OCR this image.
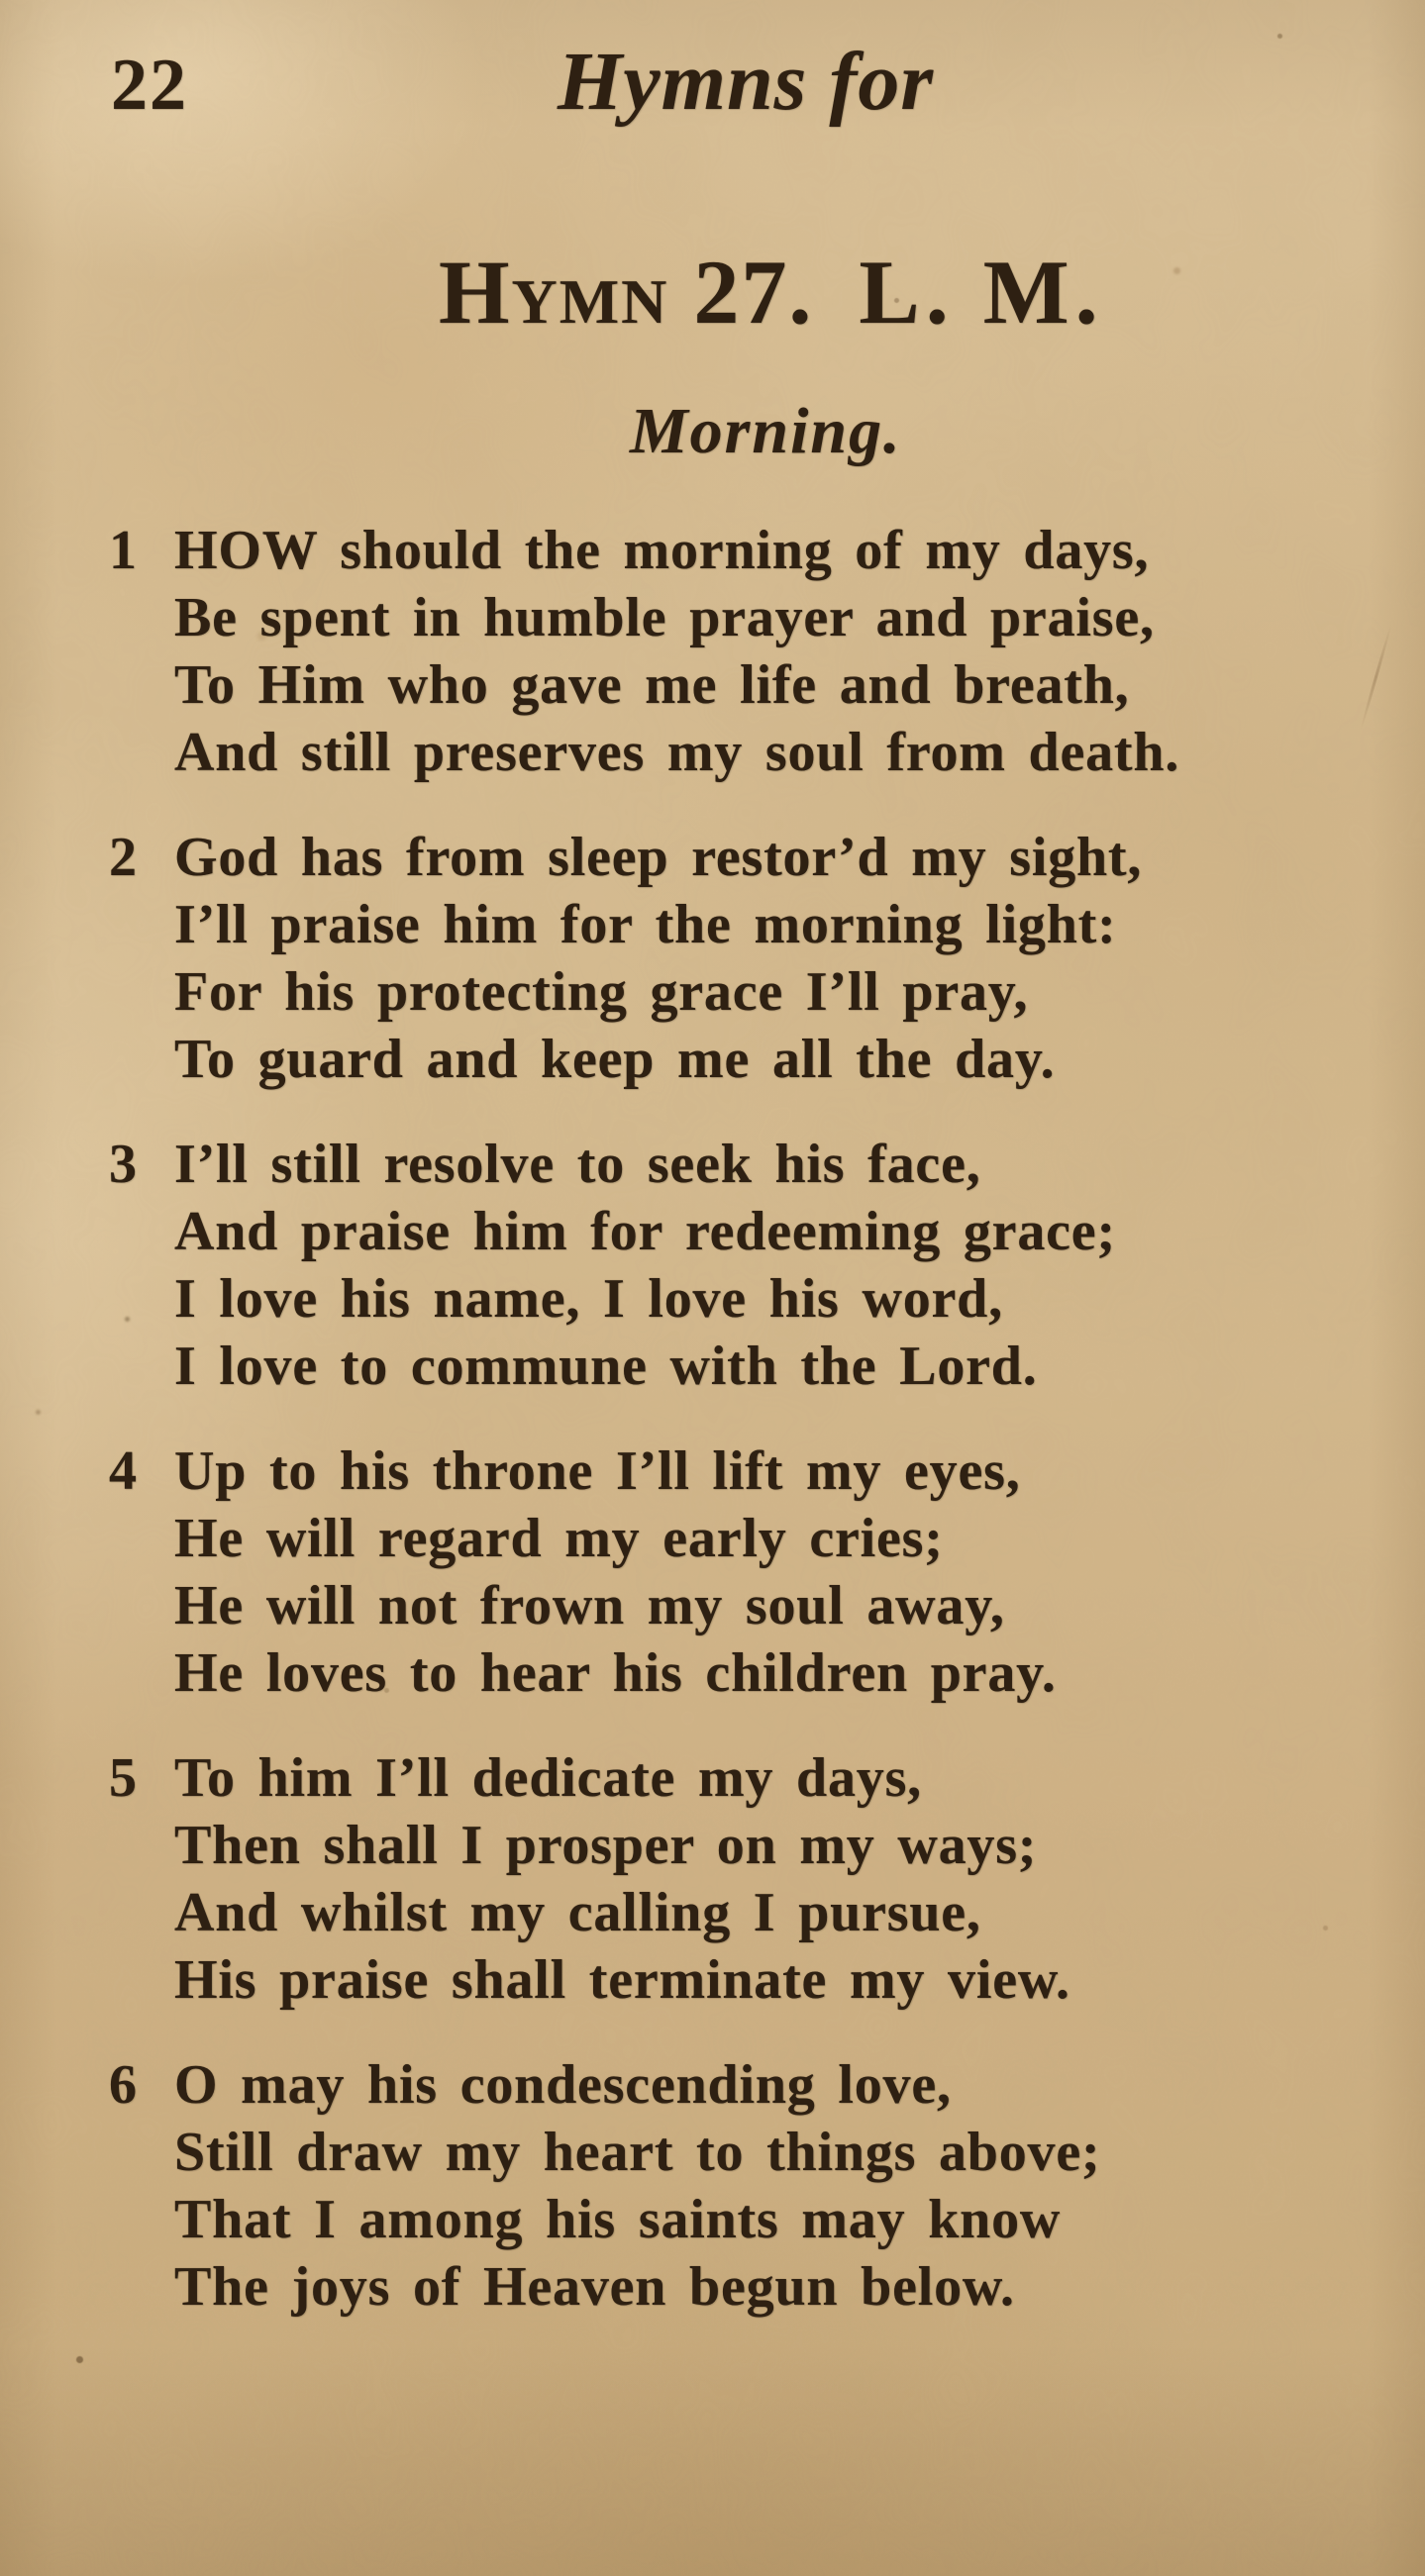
22	Hymns for
Hymn 27. L. M.
Morning.
1 HOW should the morning of my days,
Be spent in humble prayer and praise,
To Him who gave me life and breath,
And still preserves my soul from death.
2 God has from sleep restor’d my sight,
I’ll praise him for the morning light:
For his protecting grace I’ll pray,
To guard and keep me all the day.
3 I’ll still resolve to seek his face,
And praise him for redeeming grace;
I love his name, I love his word,
I love to commune with the Lord.
4 Up to his throne I’ll lift my eyes,
He will regard my early cries;
He will not frown my soul away,
He loves to hear his children pray.
5 To him I’ll dedicate my days,
Then shall I prosper on my ways;
And whilst my calling I pursue,
His praise shall terminate my view.
6 O may his condescending love,
Still draw my heart to things above;
That I among his saints may know
The joys of Heaven begun below.
